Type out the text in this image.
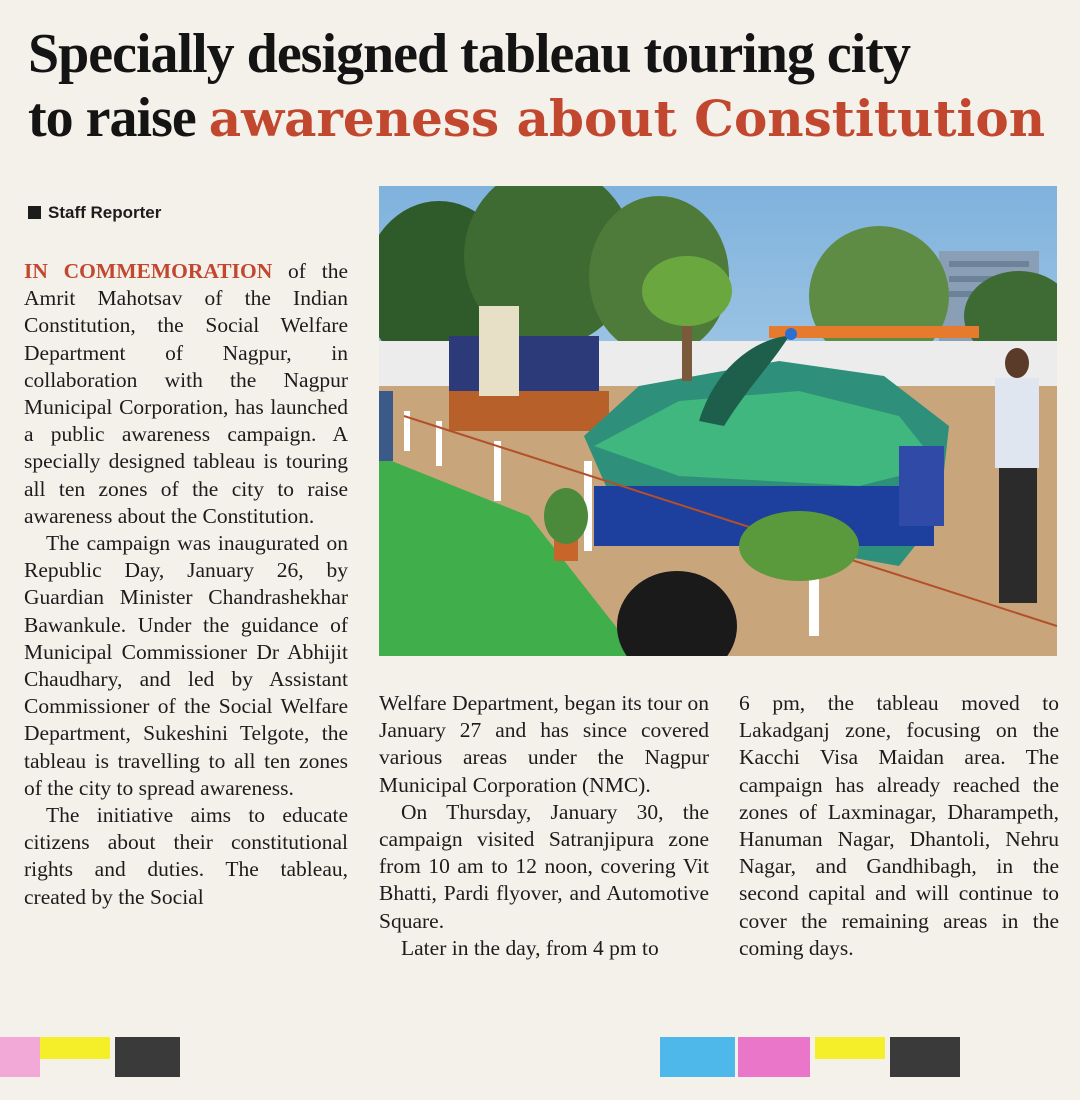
Specially designed tableau touring city
to raise awareness about Constitution
Staff Reporter

IN COMMEMORATION of the Amrit Mahotsav of the Indian Constitution, the Social Welfare Department of Nagpur, in collaboration with the Nagpur Municipal Corporation, has launched a public awareness campaign. A specially designed tableau is touring all ten zones of the city to raise awareness about the Constitution.

The campaign was inaugurated on Republic Day, January 26, by Guardian Minister Chandrashekhar Bawankule. Under the guidance of Municipal Commissioner Dr Abhijit Chaudhary, and led by Assistant Commissioner of the Social Welfare Department, Sukeshini Telgote, the tableau is travelling to all ten zones of the city to spread awareness.

The initiative aims to educate citizens about their constitutional rights and duties. The tableau, created by the Social

Welfare Department, began its tour on January 27 and has since covered various areas under the Nagpur Municipal Corporation (NMC).

On Thursday, January 30, the campaign visited Satranjipura zone from 10 am to 12 noon, covering Vit Bhatti, Pardi flyover, and Automotive Square.

Later in the day, from 4 pm to

6 pm, the tableau moved to Lakadganj zone, focusing on the Kacchi Visa Maidan area. The campaign has already reached the zones of Laxminagar, Dharampeth, Hanuman Nagar, Dhantoli, Nehru Nagar, and Gandhibagh, in the second capital and will continue to cover the remaining areas in the coming days.
